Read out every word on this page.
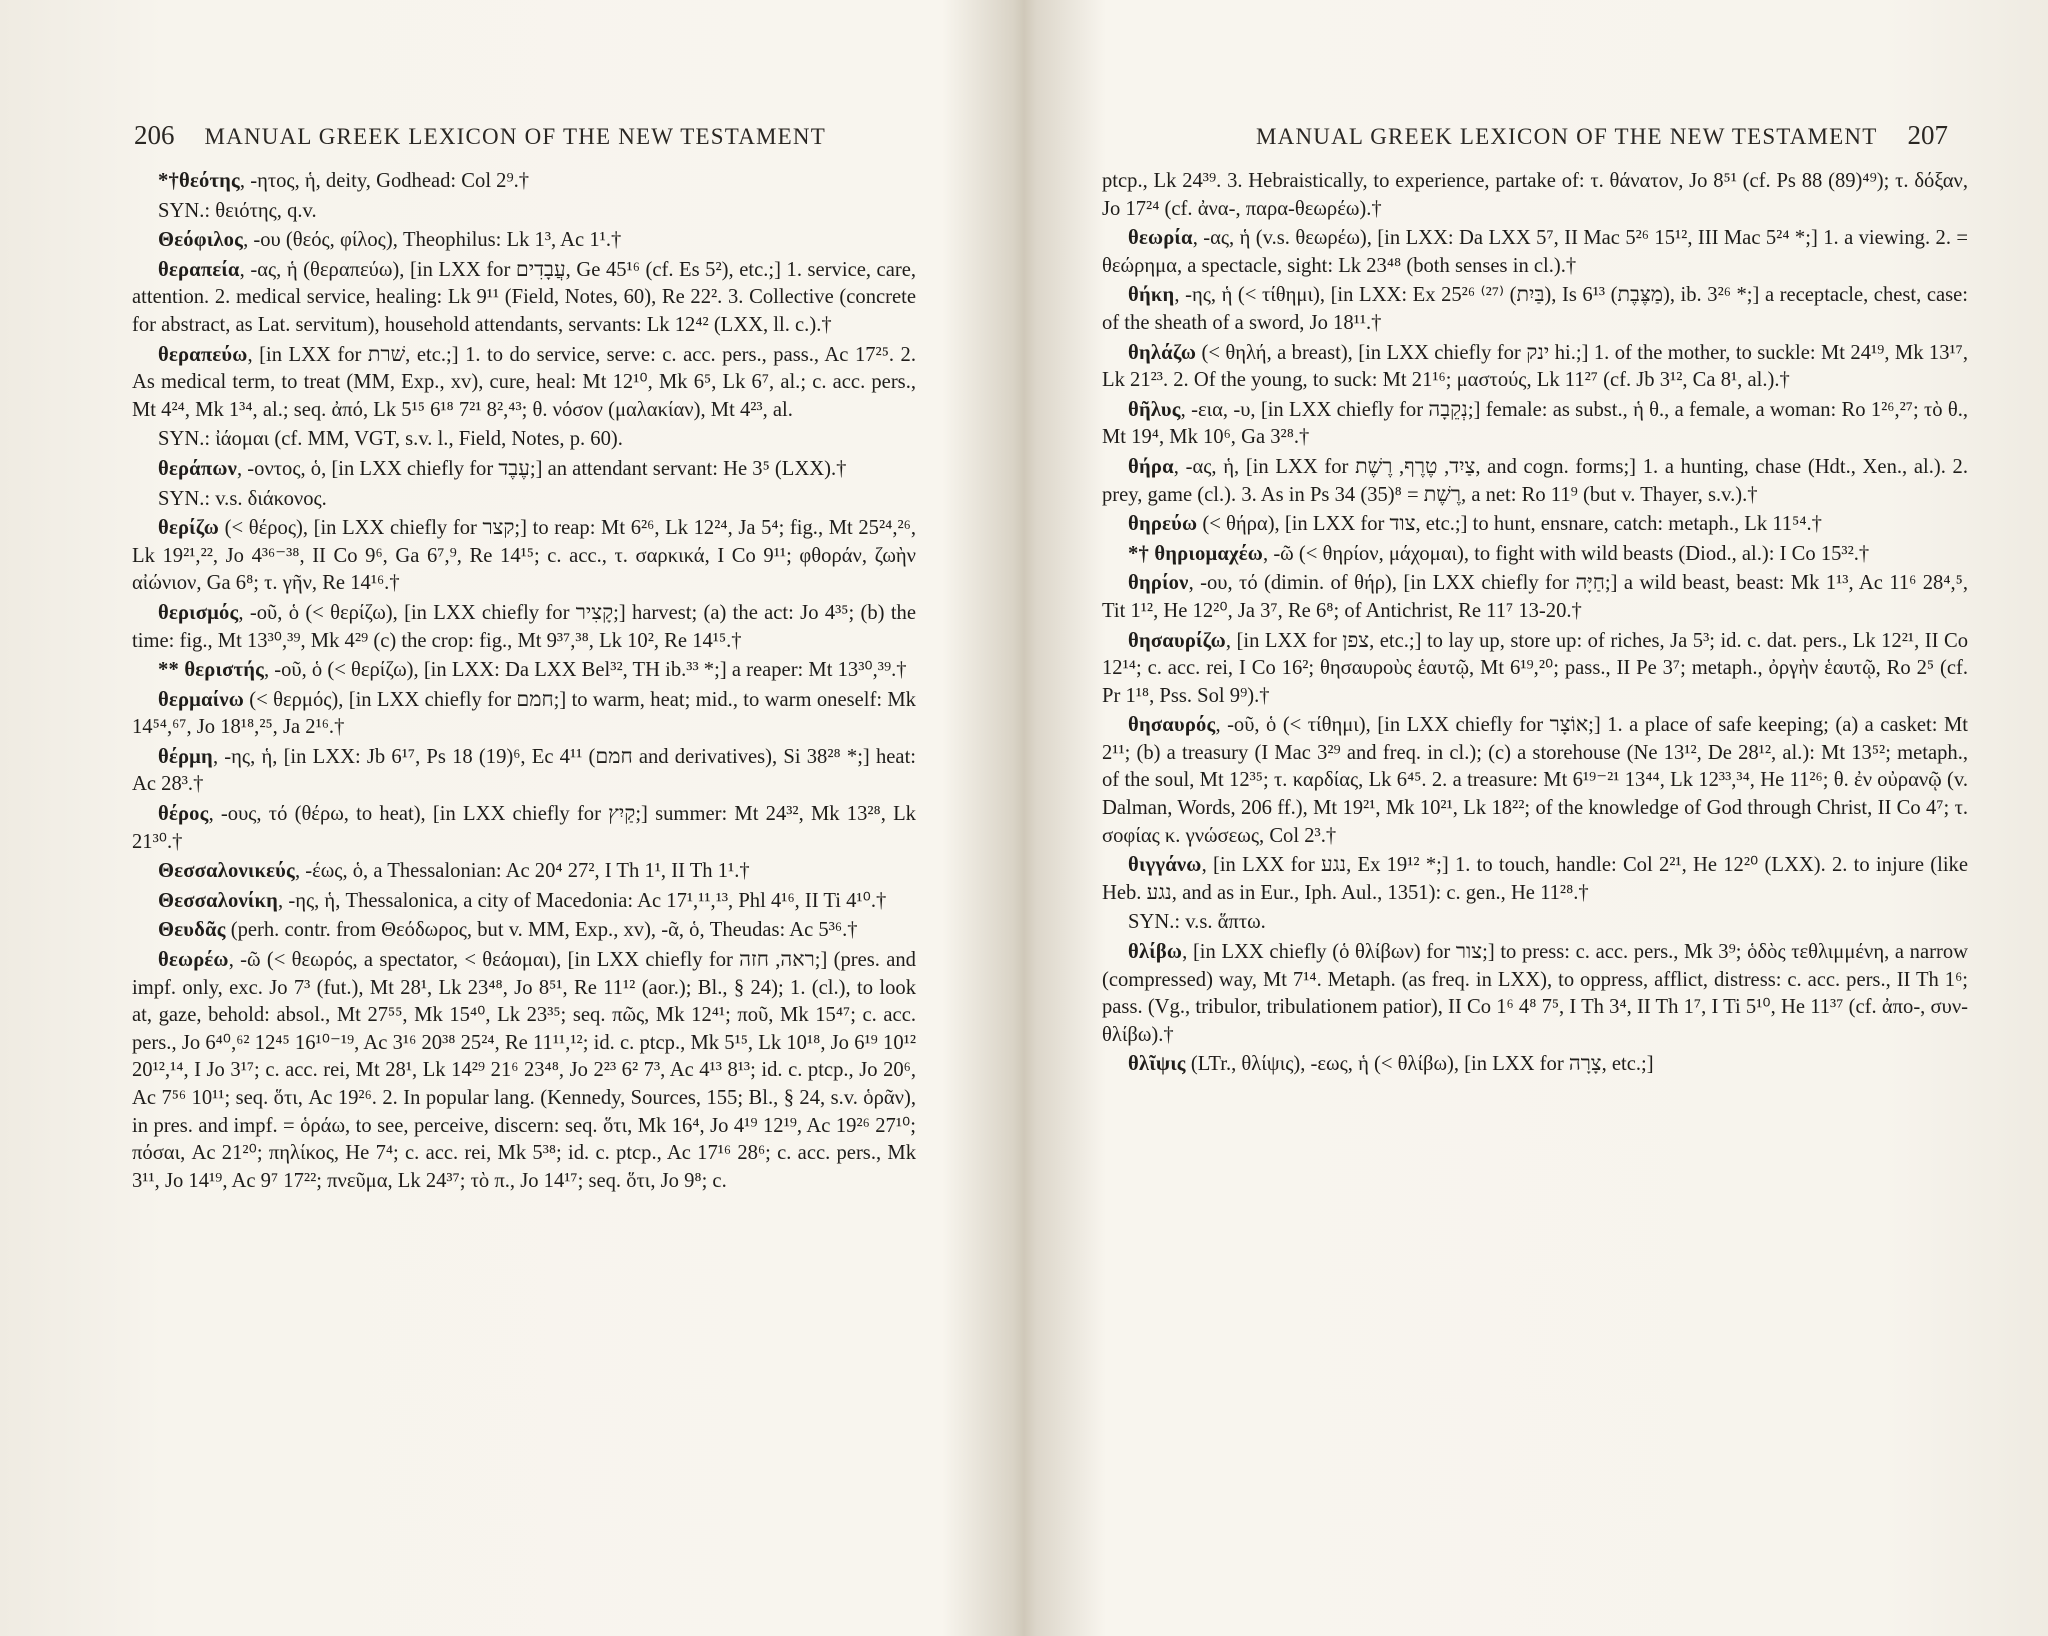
206 MANUAL GREEK LEXICON OF THE NEW TESTAMENT

*†θεότης, -ητος, ἡ, deity, Godhead: Col 2⁹.†

SYN.: θειότης, q.v.

Θεόφιλος, -ου (θεός, φίλος), Theophilus: Lk 1³, Ac 1¹.†

θεραπεία, -ας, ἡ (θεραπεύω), [in LXX for עֲבָדִים, Ge 45¹⁶ (cf. Es 5²), etc.;] 1. service, care, attention. 2. medical service, healing: Lk 9¹¹ (Field, Notes, 60), Re 22². 3. Collective (concrete for abstract, as Lat. servitum), household attendants, servants: Lk 12⁴² (LXX, ll. c.).†

θεραπεύω, [in LXX for שׁרת, etc.;] 1. to do service, serve: c. acc. pers., pass., Ac 17²⁵. 2. As medical term, to treat (MM, Exp., xv), cure, heal: Mt 12¹⁰, Mk 6⁵, Lk 6⁷, al.; c. acc. pers., Mt 4²⁴, Mk 1³⁴, al.; seq. ἀπό, Lk 5¹⁵ 6¹⁸ 7²¹ 8²,⁴³; θ. νόσον (μαλακίαν), Mt 4²³, al.

SYN.: ἰάομαι (cf. MM, VGT, s.v. l., Field, Notes, p. 60).

θεράπων, -οντος, ὁ, [in LXX chiefly for עֶבֶד;] an attendant servant: He 3⁵ (LXX).†

SYN.: v.s. διάκονος.

θερίζω (< θέρος), [in LXX chiefly for קצר;] to reap: Mt 6²⁶, Lk 12²⁴, Ja 5⁴; fig., Mt 25²⁴,²⁶, Lk 19²¹,²², Jo 4³⁶⁻³⁸, II Co 9⁶, Ga 6⁷,⁹, Re 14¹⁵; c. acc., τ. σαρκικά, I Co 9¹¹; φθοράν, ζωὴν αἰώνιον, Ga 6⁸; τ. γῆν, Re 14¹⁶.†

θερισμός, -οῦ, ὁ (< θερίζω), [in LXX chiefly for קָצִיר;] harvest; (a) the act: Jo 4³⁵; (b) the time: fig., Mt 13³⁰,³⁹, Mk 4²⁹ (c) the crop: fig., Mt 9³⁷,³⁸, Lk 10², Re 14¹⁵.†

** θεριστής, -οῦ, ὁ (< θερίζω), [in LXX: Da LXX Bel³², TH ib.³³ *;] a reaper: Mt 13³⁰,³⁹.†

θερμαίνω (< θερμός), [in LXX chiefly for חמם;] to warm, heat; mid., to warm oneself: Mk 14⁵⁴,⁶⁷, Jo 18¹⁸,²⁵, Ja 2¹⁶.†

θέρμη, -ης, ἡ, [in LXX: Jb 6¹⁷, Ps 18 (19)⁶, Ec 4¹¹ (חמם and derivatives), Si 38²⁸ *;] heat: Ac 28³.†

θέρος, -ους, τό (θέρω, to heat), [in LXX chiefly for קַיִץ;] summer: Mt 24³², Mk 13²⁸, Lk 21³⁰.†

Θεσσαλονικεύς, -έως, ὁ, a Thessalonian: Ac 20⁴ 27², I Th 1¹, II Th 1¹.†

Θεσσαλονίκη, -ης, ἡ, Thessalonica, a city of Macedonia: Ac 17¹,¹¹,¹³, Phl 4¹⁶, II Ti 4¹⁰.†

Θευδᾶς (perh. contr. from Θεόδωρος, but v. MM, Exp., xv), -ᾶ, ὁ, Theudas: Ac 5³⁶.†

θεωρέω, -ῶ (< θεωρός, a spectator, < θεάομαι), [in LXX chiefly for ראה, חזה;] (pres. and impf. only, exc. Jo 7³ (fut.), Mt 28¹, Lk 23⁴⁸, Jo 8⁵¹, Re 11¹² (aor.); Bl., § 24); 1. (cl.), to look at, gaze, behold: absol., Mt 27⁵⁵, Mk 15⁴⁰, Lk 23³⁵; seq. πῶς, Mk 12⁴¹; ποῦ, Mk 15⁴⁷; c. acc. pers., Jo 6⁴⁰,⁶² 12⁴⁵ 16¹⁰⁻¹⁹, Ac 3¹⁶ 20³⁸ 25²⁴, Re 11¹¹,¹²; id. c. ptcp., Mk 5¹⁵, Lk 10¹⁸, Jo 6¹⁹ 10¹² 20¹²,¹⁴, I Jo 3¹⁷; c. acc. rei, Mt 28¹, Lk 14²⁹ 21⁶ 23⁴⁸, Jo 2²³ 6² 7³, Ac 4¹³ 8¹³; id. c. ptcp., Jo 20⁶, Ac 7⁵⁶ 10¹¹; seq. ὅτι, Ac 19²⁶. 2. In popular lang. (Kennedy, Sources, 155; Bl., § 24, s.v. ὁρᾶν), in pres. and impf. = ὁράω, to see, perceive, discern: seq. ὅτι, Mk 16⁴, Jo 4¹⁹ 12¹⁹, Ac 19²⁶ 27¹⁰; πόσαι, Ac 21²⁰; πηλίκος, He 7⁴; c. acc. rei, Mk 5³⁸; id. c. ptcp., Ac 17¹⁶ 28⁶; c. acc. pers., Mk 3¹¹, Jo 14¹⁹, Ac 9⁷ 17²²; πνεῦμα, Lk 24³⁷; τὸ π., Jo 14¹⁷; seq. ὅτι, Jo 9⁸; c.

MANUAL GREEK LEXICON OF THE NEW TESTAMENT 207

ptcp., Lk 24³⁹. 3. Hebraistically, to experience, partake of: τ. θάνατον, Jo 8⁵¹ (cf. Ps 88 (89)⁴⁹); τ. δόξαν, Jo 17²⁴ (cf. ἀνα-, παρα-θεωρέω).†

θεωρία, -ας, ἡ (v.s. θεωρέω), [in LXX: Da LXX 5⁷, II Mac 5²⁶ 15¹², III Mac 5²⁴ *;] 1. a viewing. 2. = θεώρημα, a spectacle, sight: Lk 23⁴⁸ (both senses in cl.).†

θήκη, -ης, ἡ (< τίθημι), [in LXX: Ex 25²⁶ ⁽²⁷⁾ (בַּיִת), Is 6¹³ (מַצֶּבֶת), ib. 3²⁶ *;] a receptacle, chest, case: of the sheath of a sword, Jo 18¹¹.†

θηλάζω (< θηλή, a breast), [in LXX chiefly for ינק hi.;] 1. of the mother, to suckle: Mt 24¹⁹, Mk 13¹⁷, Lk 21²³. 2. Of the young, to suck: Mt 21¹⁶; μαστούς, Lk 11²⁷ (cf. Jb 3¹², Ca 8¹, al.).†

θῆλυς, -εια, -υ, [in LXX chiefly for נְקֵבָה;] female: as subst., ἡ θ., a female, a woman: Ro 1²⁶,²⁷; τὸ θ., Mt 19⁴, Mk 10⁶, Ga 3²⁸.†

θήρα, -ας, ἡ, [in LXX for צַיִד, טֶרֶף, רֶשֶׁת, and cogn. forms;] 1. a hunting, chase (Hdt., Xen., al.). 2. prey, game (cl.). 3. As in Ps 34 (35)⁸ = רֶשֶׁת, a net: Ro 11⁹ (but v. Thayer, s.v.).†

θηρεύω (< θήρα), [in LXX for צוד, etc.;] to hunt, ensnare, catch: metaph., Lk 11⁵⁴.†

*† θηριομαχέω, -ῶ (< θηρίον, μάχομαι), to fight with wild beasts (Diod., al.): I Co 15³².†

θηρίον, -ου, τό (dimin. of θήρ), [in LXX chiefly for חַיָּה;] a wild beast, beast: Mk 1¹³, Ac 11⁶ 28⁴,⁵, Tit 1¹², He 12²⁰, Ja 3⁷, Re 6⁸; of Antichrist, Re 11⁷ 13-20.†

θησαυρίζω, [in LXX for צפן, etc.;] to lay up, store up: of riches, Ja 5³; id. c. dat. pers., Lk 12²¹, II Co 12¹⁴; c. acc. rei, I Co 16²; θησαυροὺς ἑαυτῷ, Mt 6¹⁹,²⁰; pass., II Pe 3⁷; metaph., ὀργὴν ἑαυτῷ, Ro 2⁵ (cf. Pr 1¹⁸, Pss. Sol 9⁹).†

θησαυρός, -οῦ, ὁ (< τίθημι), [in LXX chiefly for אוֹצָר;] 1. a place of safe keeping; (a) a casket: Mt 2¹¹; (b) a treasury (I Mac 3²⁹ and freq. in cl.); (c) a storehouse (Ne 13¹², De 28¹², al.): Mt 13⁵²; metaph., of the soul, Mt 12³⁵; τ. καρδίας, Lk 6⁴⁵. 2. a treasure: Mt 6¹⁹⁻²¹ 13⁴⁴, Lk 12³³,³⁴, He 11²⁶; θ. ἐν οὐρανῷ (v. Dalman, Words, 206 ff.), Mt 19²¹, Mk 10²¹, Lk 18²²; of the knowledge of God through Christ, II Co 4⁷; τ. σοφίας κ. γνώσεως, Col 2³.†

θιγγάνω, [in LXX for נגע, Ex 19¹² *;] 1. to touch, handle: Col 2²¹, He 12²⁰ (LXX). 2. to injure (like Heb. נגע, and as in Eur., Iph. Aul., 1351): c. gen., He 11²⁸.†

SYN.: v.s. ἅπτω.

θλίβω, [in LXX chiefly (ὁ θλίβων) for צור;] to press: c. acc. pers., Mk 3⁹; ὁδὸς τεθλιμμένη, a narrow (compressed) way, Mt 7¹⁴. Metaph. (as freq. in LXX), to oppress, afflict, distress: c. acc. pers., II Th 1⁶; pass. (Vg., tribulor, tribulationem patior), II Co 1⁶ 4⁸ 7⁵, I Th 3⁴, II Th 1⁷, I Ti 5¹⁰, He 11³⁷ (cf. ἀπο-, συν-θλίβω).†

θλῖψις (LTr., θλίψις), -εως, ἡ (< θλίβω), [in LXX for צָרָה, etc.;]
